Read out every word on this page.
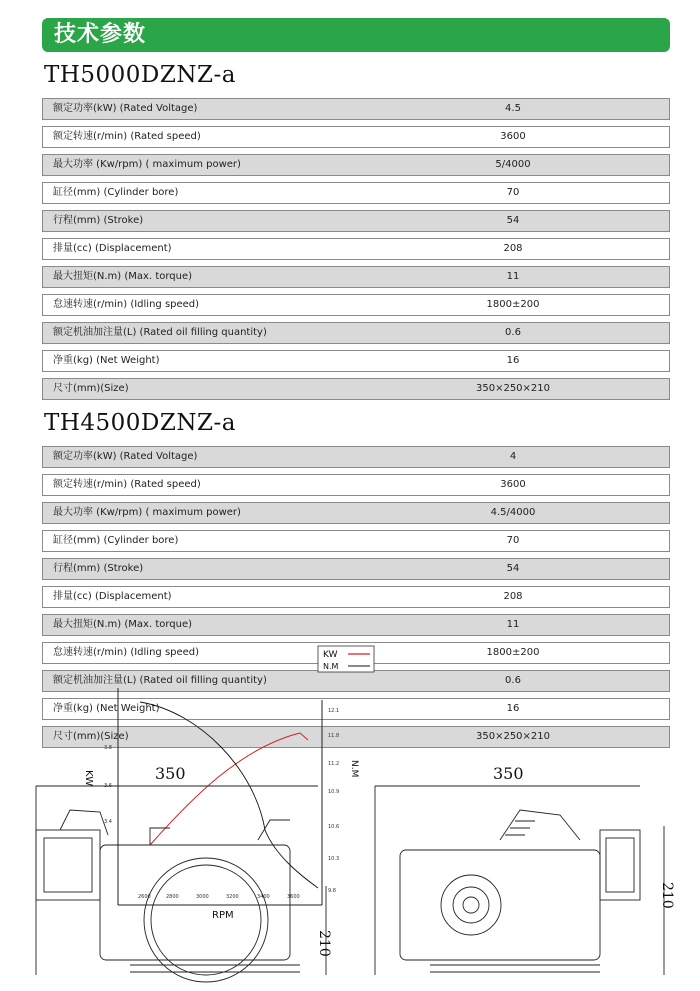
技术参数
TH5000DZNZ-a
额定功率(kW) (Rated Voltage)	4.5
额定转速(r/min) (Rated speed)	3600
最大功率 (Kw/rpm) ( maximum power)	5/4000
缸径(mm) (Cylinder bore)	70
行程(mm) (Stroke)	54
排量(cc) (Displacement)	208
最大扭矩(N.m) (Max. torque)	11
怠速转速(r/min) (Idling speed)	1800±200
额定机油加注量(L) (Rated oil filling quantity)	0.6
净重(kg) (Net Weight)	16
尺寸(mm)(Size)	350×250×210
TH4500DZNZ-a
额定功率(kW) (Rated Voltage)	4
额定转速(r/min) (Rated speed)	3600
最大功率 (Kw/rpm) ( maximum power)	4.5/4000
缸径(mm) (Cylinder bore)	70
行程(mm) (Stroke)	54
排量(cc) (Displacement)	208
最大扭矩(N.m) (Max. torque)	11
怠速转速(r/min) (Idling speed)	1800±200
额定机油加注量(L) (Rated oil filling quantity)	0.6
净重(kg) (Net Weight)	16
尺寸(mm)(Size)	350×250×210
KW
N.M
KW
N.M
RPM
3.8
3.6
3.4
12.1
11.8
11.2
10.9
10.6
10.3
9.8
2600	2800	3000	3200	3400	3600
350
210
350
210
